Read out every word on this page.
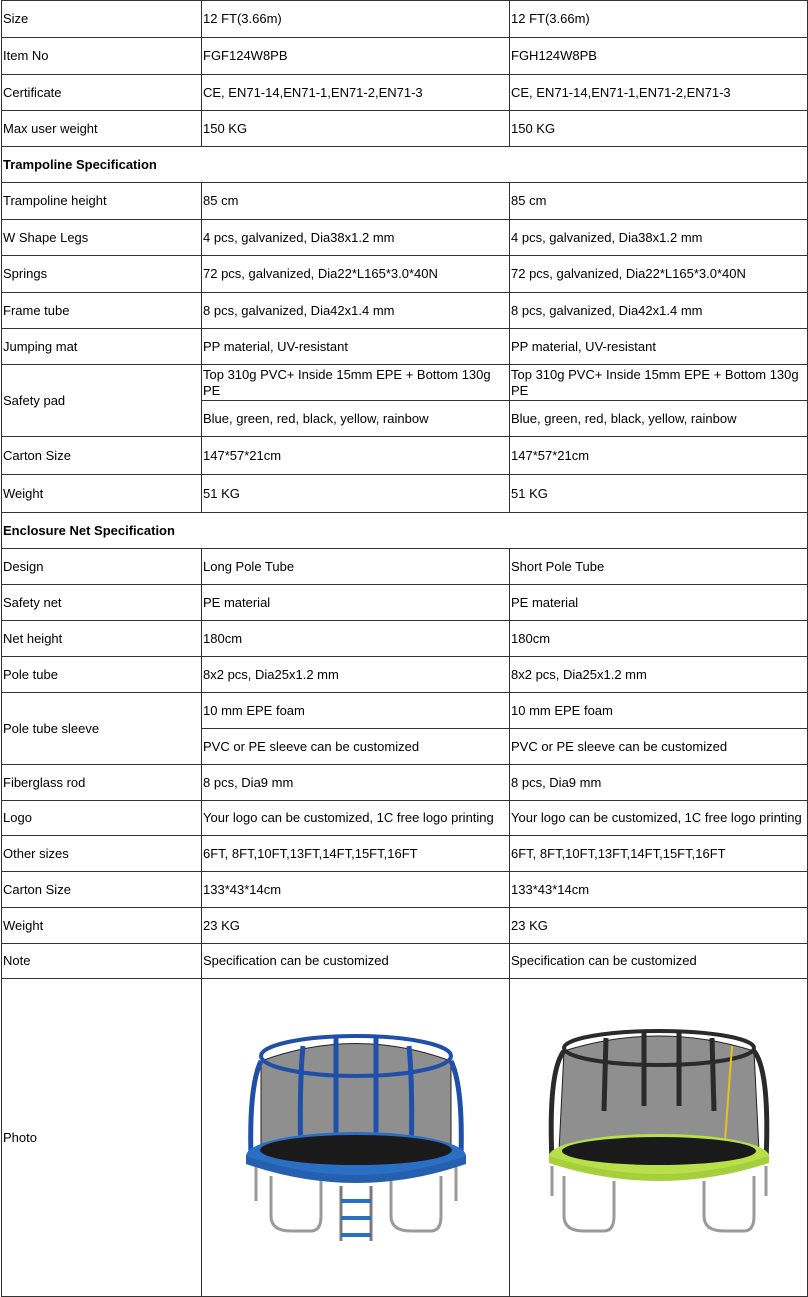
Size	12 FT(3.66m)	12 FT(3.66m)
Item No	FGF124W8PB	FGH124W8PB
Certificate	CE, EN71-14,EN71-1,EN71-2,EN71-3	CE, EN71-14,EN71-1,EN71-2,EN71-3
Max user weight	150 KG	150 KG
Trampoline Specification		
Trampoline height	85 cm	85 cm
W Shape Legs	4 pcs, galvanized, Dia38x1.2 mm	4 pcs, galvanized, Dia38x1.2 mm
Springs	72 pcs, galvanized, Dia22*L165*3.0*40N	72 pcs, galvanized, Dia22*L165*3.0*40N
Frame tube	8 pcs, galvanized, Dia42x1.4 mm	8 pcs, galvanized, Dia42x1.4 mm
Jumping mat	PP material, UV-resistant	PP material, UV-resistant
Safety pad	Top 310g PVC+ Inside 15mm EPE + Bottom 130g PE	Top 310g PVC+ Inside 15mm EPE + Bottom 130g PE
	Blue, green, red, black, yellow, rainbow	Blue, green, red, black, yellow, rainbow
Carton Size	147*57*21cm	147*57*21cm
Weight	51 KG	51 KG
Enclosure Net Specification		
Design	Long Pole Tube	Short Pole Tube
Safety net	PE material	PE material
Net height	180cm	180cm
Pole tube	8x2 pcs, Dia25x1.2 mm	8x2 pcs, Dia25x1.2 mm
Pole tube sleeve	10 mm EPE foam	10 mm EPE foam
	PVC or PE sleeve can be customized	PVC or PE sleeve can be customized
Fiberglass rod	8 pcs, Dia9 mm	8 pcs, Dia9 mm
Logo	Your logo can be customized, 1C free logo printing	Your logo can be customized, 1C free logo printing
Other sizes	6FT, 8FT,10FT,13FT,14FT,15FT,16FT	6FT, 8FT,10FT,13FT,14FT,15FT,16FT
Carton Size	133*43*14cm	133*43*14cm
Weight	23 KG	23 KG
Note	Specification can be customized	Specification can be customized
Photo		
